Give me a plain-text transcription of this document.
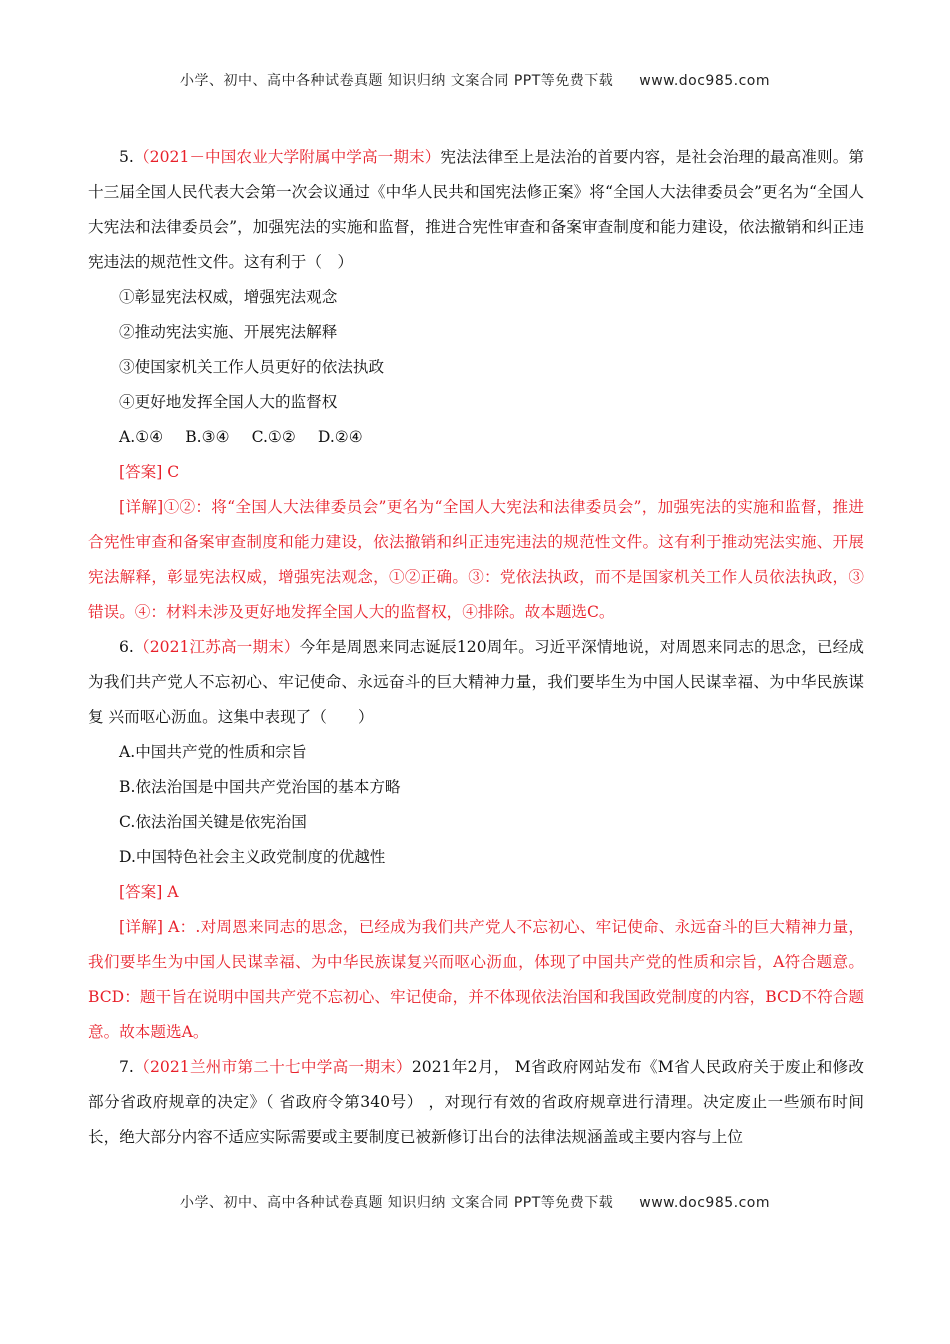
小学、初中、高中各种试卷真题 知识归纳 文案合同 PPT等免费下载 www.doc985.com

5.（2021－中国农业大学附属中学高一期末）宪法法律至上是法治的首要内容，是社会治理的最高准则。第十三届全国人民代表大会第一次会议通过《中华人民共和国宪法修正案》将“全国人大法律委员会”更名为“全国人大宪法和法律委员会”，加强宪法的实施和监督，推进合宪性审查和备案审查制度和能力建设，依法撤销和纠正违宪违法的规范性文件。这有利于（　）

①彰显宪法权威，增强宪法观念

②推动宪法实施、开展宪法解释

③使国家机关工作人员更好的依法执政

④更好地发挥全国人大的监督权

A.①④ B.③④ C.①② D.②④

[答案] C

[详解]①②：将“全国人大法律委员会”更名为“全国人大宪法和法律委员会”，加强宪法的实施和监督，推进合宪性审查和备案审查制度和能力建设，依法撤销和纠正违宪违法的规范性文件。这有利于推动宪法实施、开展宪法解释，彰显宪法权威，增强宪法观念，①②正确。③：党依法执政，而不是国家机关工作人员依法执政，③错误。④：材料未涉及更好地发挥全国人大的监督权，④排除。故本题选C。

6.（2021江苏高一期末）今年是周恩来同志诞辰120周年。习近平深情地说，对周恩来同志的思念，已经成为我们共产党人不忘初心、牢记使命、永远奋斗的巨大精神力量，我们要毕生为中国人民谋幸福、为中华民族谋复 兴而呕心沥血。这集中表现了（　　）

A.中国共产党的性质和宗旨

B.依法治国是中国共产党治国的基本方略

C.依法治国关键是依宪治国

D.中国特色社会主义政党制度的优越性

[答案] A

[详解] A：.对周恩来同志的思念，已经成为我们共产党人不忘初心、牢记使命、永远奋斗的巨大精神力量，我们要毕生为中国人民谋幸福、为中华民族谋复兴而呕心沥血，体现了中国共产党的性质和宗旨，A符合题意。BCD：题干旨在说明中国共产党不忘初心、牢记使命，并不体现依法治国和我国政党制度的内容，BCD不符合题意。故本题选A。

7.（2021兰州市第二十七中学高一期末）2021年2月， M省政府网站发布《M省人民政府关于废止和修改部分省政府规章的决定》（ 省政府令第340号） ，对现行有效的省政府规章进行清理。决定废止一些颁布时间长，绝大部分内容不适应实际需要或主要制度已被新修订出台的法律法规涵盖或主要内容与上位

小学、初中、高中各种试卷真题 知识归纳 文案合同 PPT等免费下载 www.doc985.com
